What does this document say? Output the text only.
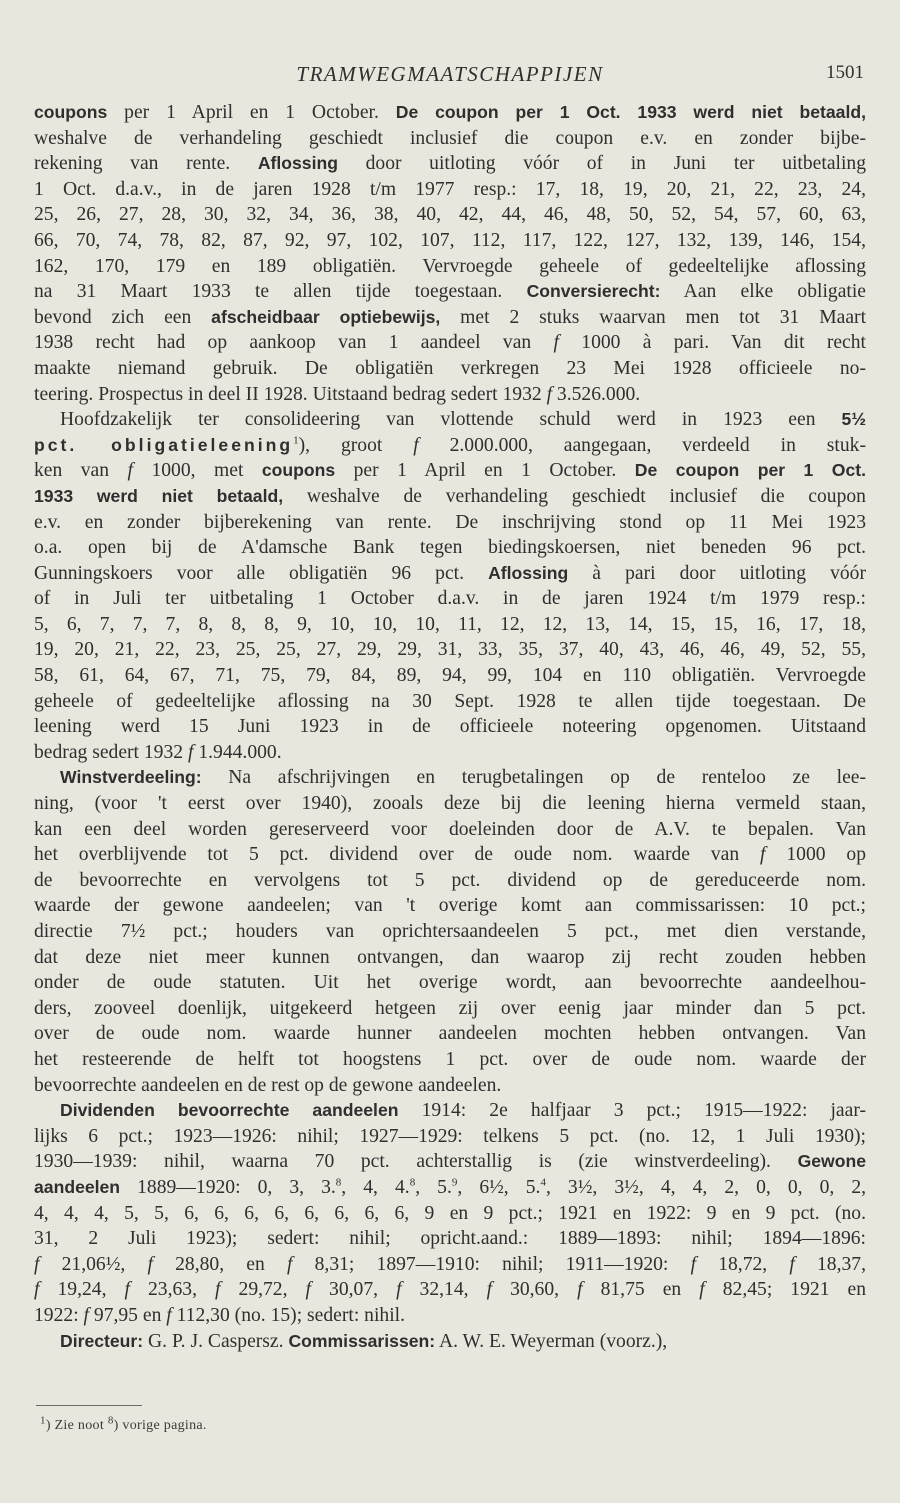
TRAMWEGMAATSCHAPPIJEN	1501
coupons per 1 April en 1 October. De coupon per 1 Oct. 1933 werd niet betaald,
weshalve de verhandeling geschiedt inclusief die coupon e.v. en zonder bijbe-
rekening van rente. Aflossing door uitloting vóór of in Juni ter uitbetaling
1 Oct. d.a.v., in de jaren 1928 t/m 1977 resp.: 17, 18, 19, 20, 21, 22, 23, 24,
25, 26, 27, 28, 30, 32, 34, 36, 38, 40, 42, 44, 46, 48, 50, 52, 54, 57, 60, 63,
66, 70, 74, 78, 82, 87, 92, 97, 102, 107, 112, 117, 122, 127, 132, 139, 146, 154,
162, 170, 179 en 189 obligatiën. Vervroegde geheele of gedeeltelijke aflossing
na 31 Maart 1933 te allen tijde toegestaan. Conversierecht: Aan elke obligatie
bevond zich een afscheidbaar optiebewijs, met 2 stuks waarvan men tot 31 Maart
1938 recht had op aankoop van 1 aandeel van f 1000 à pari. Van dit recht
maakte niemand gebruik. De obligatiën verkregen 23 Mei 1928 officieele no-
teering. Prospectus in deel II 1928. Uitstaand bedrag sedert 1932 f 3.526.000.
Hoofdzakelijk ter consolideering van vlottende schuld werd in 1923 een 5½
pct. obligatieleening$^1$), groot f 2.000.000, aangegaan, verdeeld in stuk-
ken van f 1000, met coupons per 1 April en 1 October. De coupon per 1 Oct.
1933 werd niet betaald, weshalve de verhandeling geschiedt inclusief die coupon
e.v. en zonder bijberekening van rente. De inschrijving stond op 11 Mei 1923
o.a. open bij de A'damsche Bank tegen biedingskoersen, niet beneden 96 pct.
Gunningskoers voor alle obligatiën 96 pct. Aflossing à pari door uitloting vóór
of in Juli ter uitbetaling 1 October d.a.v. in de jaren 1924 t/m 1979 resp.:
5, 6, 7, 7, 7, 8, 8, 8, 9, 10, 10, 10, 11, 12, 12, 13, 14, 15, 15, 16, 17, 18,
19, 20, 21, 22, 23, 25, 25, 27, 29, 29, 31, 33, 35, 37, 40, 43, 46, 46, 49, 52, 55,
58, 61, 64, 67, 71, 75, 79, 84, 89, 94, 99, 104 en 110 obligatiën. Vervroegde
geheele of gedeeltelijke aflossing na 30 Sept. 1928 te allen tijde toegestaan. De
leening werd 15 Juni 1923 in de officieele noteering opgenomen. Uitstaand
bedrag sedert 1932 f 1.944.000.
Winstverdeeling: Na afschrijvingen en terugbetalingen op de renteloo ze lee-
ning, (voor 't eerst over 1940), zooals deze bij die leening hierna vermeld staan,
kan een deel worden gereserveerd voor doeleinden door de A.V. te bepalen. Van
het overblijvende tot 5 pct. dividend over de oude nom. waarde van f 1000 op
de bevoorrechte en vervolgens tot 5 pct. dividend op de gereduceerde nom.
waarde der gewone aandeelen; van 't overige komt aan commissarissen: 10 pct.;
directie 7½ pct.; houders van oprichtersaandeelen 5 pct., met dien verstande,
dat deze niet meer kunnen ontvangen, dan waarop zij recht zouden hebben
onder de oude statuten. Uit het overige wordt, aan bevoorrechte aandeelhou-
ders, zooveel doenlijk, uitgekeerd hetgeen zij over eenig jaar minder dan 5 pct.
over de oude nom. waarde hunner aandeelen mochten hebben ontvangen. Van
het resteerende de helft tot hoogstens 1 pct. over de oude nom. waarde der
bevoorrechte aandeelen en de rest op de gewone aandeelen.
Dividenden bevoorrechte aandeelen 1914: 2e halfjaar 3 pct.; 1915—1922: jaar-
lijks 6 pct.; 1923—1926: nihil; 1927—1929: telkens 5 pct. (no. 12, 1 Juli 1930);
1930—1939: nihil, waarna 70 pct. achterstallig is (zie winstverdeeling). Gewone
aandeelen 1889—1920: 0, 3, 3.$^8$, 4, 4.$^8$, 5.$^9$, 6½, 5.$^4$, 3½, 3½, 4, 4, 2, 0, 0, 0, 2,
4, 4, 4, 5, 5, 6, 6, 6, 6, 6, 6, 6, 6, 9 en 9 pct.; 1921 en 1922: 9 en 9 pct. (no.
31, 2 Juli 1923); sedert: nihil; opricht.aand.: 1889—1893: nihil; 1894—1896:
f 21,06½, f 28,80, en f 8,31; 1897—1910: nihil; 1911—1920: f 18,72, f 18,37,
f 19,24, f 23,63, f 29,72, f 30,07, f 32,14, f 30,60, f 81,75 en f 82,45; 1921 en
1922: f 97,95 en f 112,30 (no. 15); sedert: nihil.
Directeur: G. P. J. Caspersz. Commissarissen: A. W. E. Weyerman (voorz.),
$^1$) Zie noot $^8$) vorige pagina.
